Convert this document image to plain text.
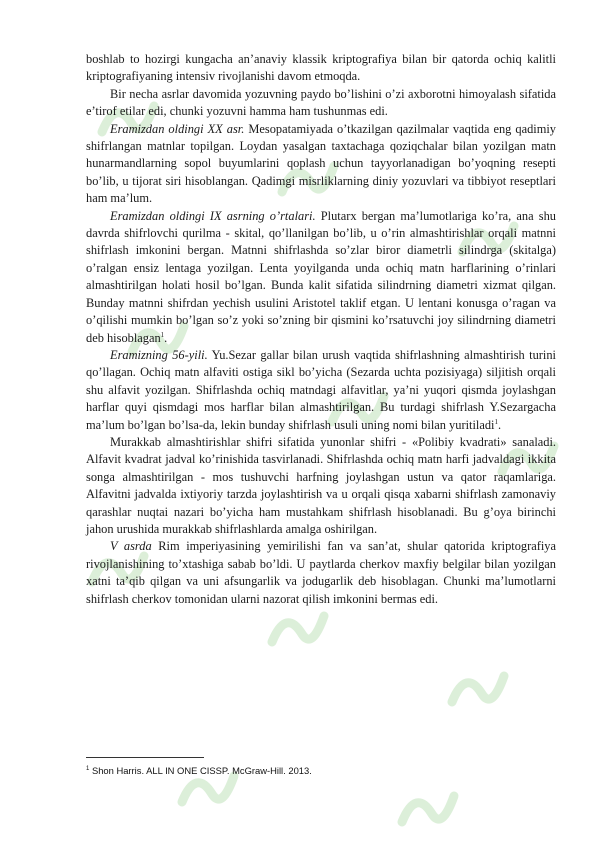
boshlab to hozirgi kungacha an’anaviy klassik kriptografiya bilan bir qatorda ochiq kalitli kriptografiyaning intensiv rivojlanishi davom etmoqda.

Bir necha asrlar davomida yozuvning paydo bo’lishini o’zi axborotni himoyalash sifatida e’tirof etilar edi, chunki yozuvni hamma ham tushunmas edi.

Eramizdan oldingi XX asr. Mesopatamiyada o’tkazilgan qazilmalar vaqtida eng qadimiy shifrlangan matnlar topilgan. Loydan yasalgan taxtachaga qoziqchalar bilan yozilgan matn hunarmandlarning sopol buyumlarini qoplash uchun tayyorlanadigan bo’yoqning resepti bo’lib, u tijorat siri hisoblangan. Qadimgi misrliklarning diniy yozuvlari va tibbiyot reseptlari ham ma’lum.

Eramizdan oldingi IX asrning o’rtalari. Plutarx bergan ma’lumotlariga ko’ra, ana shu davrda shifrlovchi qurilma - skital, qo’llanilgan bo’lib, u o’rin almashtirishlar orqali matnni shifrlash imkonini bergan. Matnni shifrlashda so’zlar biror diametrli silindrga (skitalga) o’ralgan ensiz lentaga yozilgan. Lenta yoyilganda unda ochiq matn harflarining o’rinlari almashtirilgan holati hosil bo’lgan. Bunda kalit sifatida silindrning diametri xizmat qilgan. Bunday matnni shifrdan yechish usulini Aristotel taklif etgan. U lentani konusga o’ragan va o’qilishi mumkin bo’lgan so’z yoki so’zning bir qismini ko’rsatuvchi joy silindrning diametri deb hisoblagan$^1$.

Eramizning 56-yili. Yu.Sezar gallar bilan urush vaqtida shifrlashning almashtirish turini qo’llagan. Ochiq matn alfaviti ostiga sikl bo’yicha (Sezarda uchta pozisiyaga) siljitish orqali shu alfavit yozilgan. Shifrlashda ochiq matndagi alfavitlar, ya’ni yuqori qismda joylashgan harflar quyi qismdagi mos harflar bilan almashtirilgan. Bu turdagi shifrlash Y.Sezargacha ma’lum bo’lgan bo’lsa-da, lekin bunday shifrlash usuli uning nomi bilan yuritiladi$^1$.

Murakkab almashtirishlar shifri sifatida yunonlar shifri - «Polibiy kvadrati» sanaladi. Alfavit kvadrat jadval ko’rinishida tasvirlanadi. Shifrlashda ochiq matn harfi jadvaldagi ikkita songa almashtirilgan - mos tushuvchi harfning joylashgan ustun va qator raqamlariga. Alfavitni jadvalda ixtiyoriy tarzda joylashtirish va u orqali qisqa xabarni shifrlash zamonaviy qarashlar nuqtai nazari bo’yicha ham mustahkam shifrlash hisoblanadi. Bu g’oya birinchi jahon urushida murakkab shifrlashlarda amalga oshirilgan.

V asrda Rim imperiyasining yemirilishi fan va san’at, shular qatorida kriptografiya rivojlanishining to’xtashiga sabab bo’ldi. U paytlarda cherkov maxfiy belgilar bilan yozilgan xatni ta’qib qilgan va uni afsungarlik va jodugarlik deb hisoblagan. Chunki ma’lumotlarni shifrlash cherkov tomonidan ularni nazorat qilish imkonini bermas edi.

$^1$ Shon Harris. ALL IN ONE CISSP. McGraw-Hill. 2013.
